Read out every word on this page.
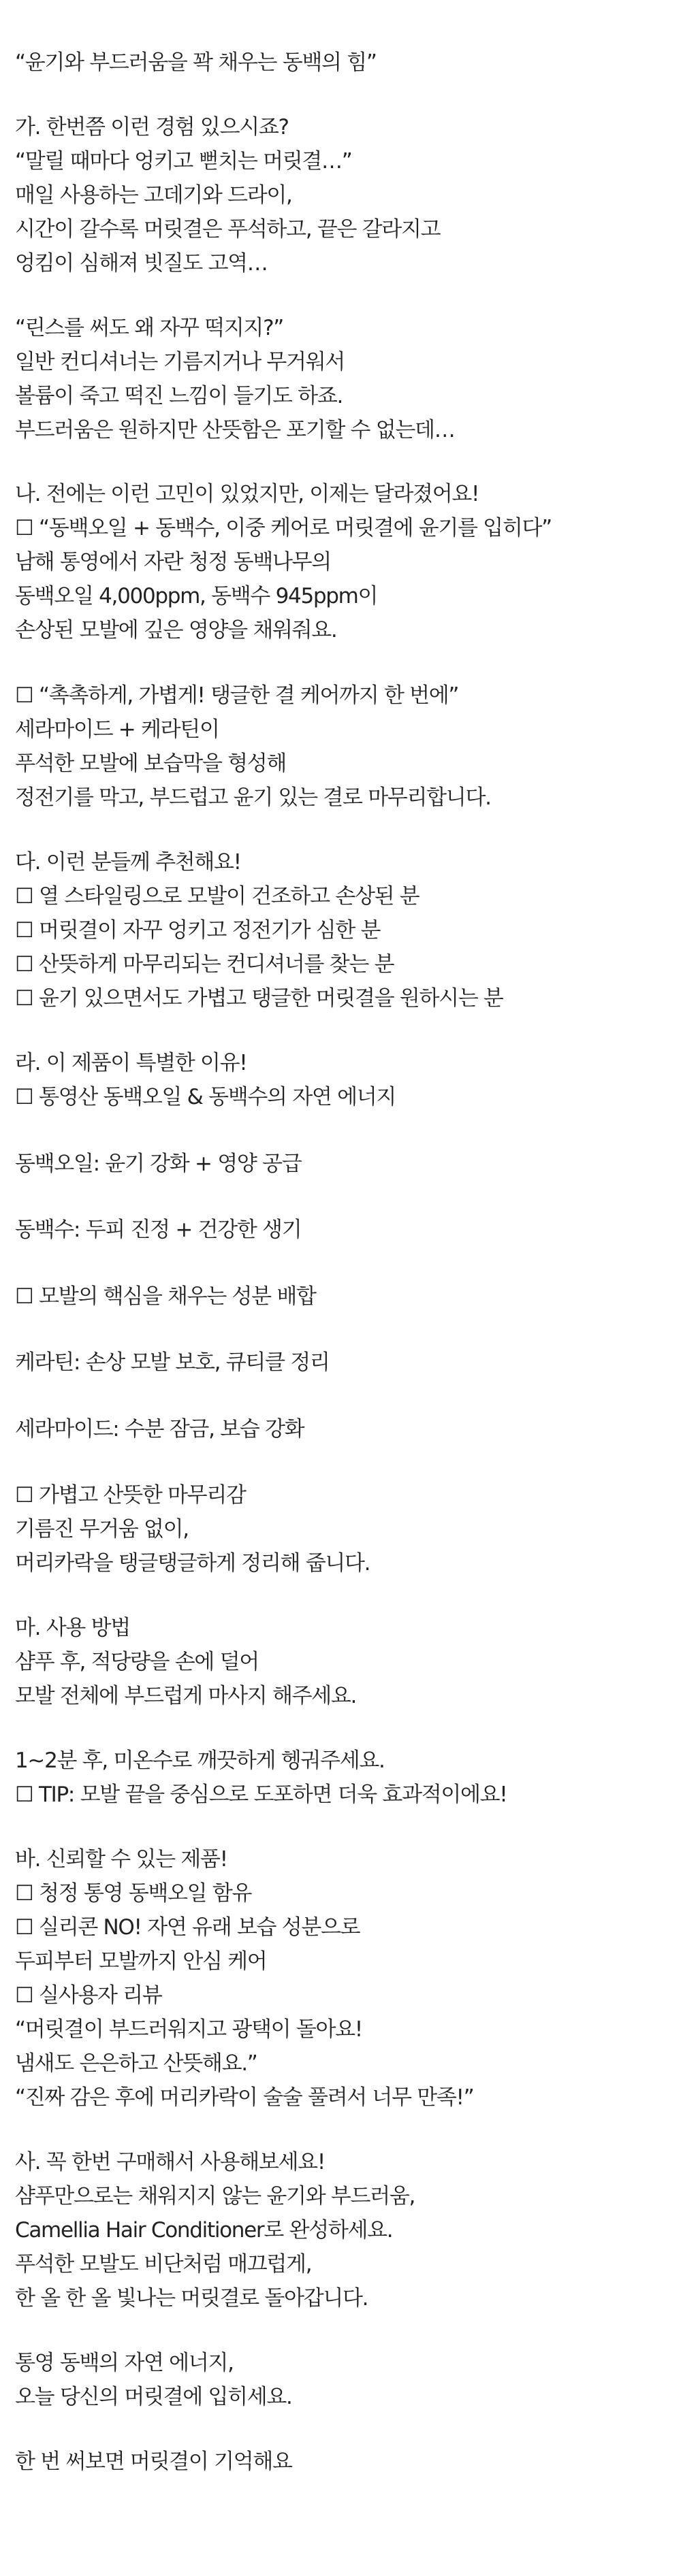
“윤기와 부드러움을 꽉 채우는 동백의 힘”
가. 한번쯤 이런 경험 있으시죠?
“말릴 때마다 엉키고 뻗치는 머릿결…”
매일 사용하는 고데기와 드라이,
시간이 갈수록 머릿결은 푸석하고, 끝은 갈라지고
엉킴이 심해져 빗질도 고역…
“린스를 써도 왜 자꾸 떡지지?”
일반 컨디셔너는 기름지거나 무거워서
볼륨이 죽고 떡진 느낌이 들기도 하죠.
부드러움은 원하지만 산뜻함은 포기할 수 없는데…
나. 전에는 이런 고민이 있었지만, 이제는 달라졌어요!
☐ “동백오일 + 동백수, 이중 케어로 머릿결에 윤기를 입히다”
남해 통영에서 자란 청정 동백나무의
동백오일 4,000ppm, 동백수 945ppm이
손상된 모발에 깊은 영양을 채워줘요.
☐ “촉촉하게, 가볍게! 탱글한 결 케어까지 한 번에”
세라마이드 + 케라틴이
푸석한 모발에 보습막을 형성해
정전기를 막고, 부드럽고 윤기 있는 결로 마무리합니다.
다. 이런 분들께 추천해요!
☐ 열 스타일링으로 모발이 건조하고 손상된 분
☐ 머릿결이 자꾸 엉키고 정전기가 심한 분
☐ 산뜻하게 마무리되는 컨디셔너를 찾는 분
☐ 윤기 있으면서도 가볍고 탱글한 머릿결을 원하시는 분
라. 이 제품이 특별한 이유!
☐ 통영산 동백오일 & 동백수의 자연 에너지
동백오일: 윤기 강화 + 영양 공급
동백수: 두피 진정 + 건강한 생기
☐ 모발의 핵심을 채우는 성분 배합
케라틴: 손상 모발 보호, 큐티클 정리
세라마이드: 수분 잠금, 보습 강화
☐ 가볍고 산뜻한 마무리감
기름진 무거움 없이,
머리카락을 탱글탱글하게 정리해 줍니다.
마. 사용 방법
샴푸 후, 적당량을 손에 덜어
모발 전체에 부드럽게 마사지 해주세요.
1~2분 후, 미온수로 깨끗하게 헹궈주세요.
☐ TIP: 모발 끝을 중심으로 도포하면 더욱 효과적이에요!
바. 신뢰할 수 있는 제품!
☐ 청정 통영 동백오일 함유
☐ 실리콘 NO! 자연 유래 보습 성분으로
두피부터 모발까지 안심 케어
☐ 실사용자 리뷰
“머릿결이 부드러워지고 광택이 돌아요!
냄새도 은은하고 산뜻해요.”
“진짜 감은 후에 머리카락이 술술 풀려서 너무 만족!”
사. 꼭 한번 구매해서 사용해보세요!
샴푸만으로는 채워지지 않는 윤기와 부드러움,
Camellia Hair Conditioner로 완성하세요.
푸석한 모발도 비단처럼 매끄럽게,
한 올 한 올 빛나는 머릿결로 돌아갑니다.
통영 동백의 자연 에너지,
오늘 당신의 머릿결에 입히세요.
한 번 써보면 머릿결이 기억해요
